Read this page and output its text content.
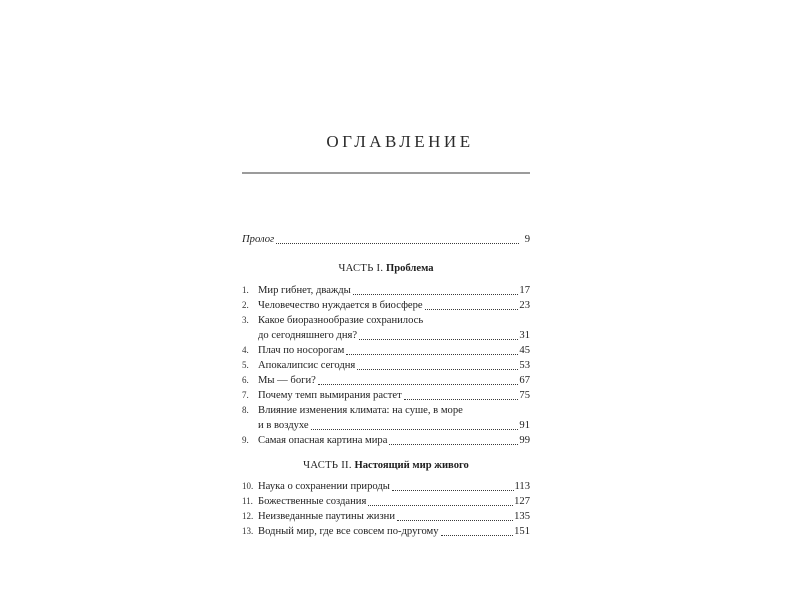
ОГЛАВЛЕНИЕ
Пролог	9
ЧАСТЬ I. Проблема
1. Мир гибнет, дважды	17
2. Человечество нуждается в биосфере	23
3. Какое биоразнообразие сохранилось
до сегодняшнего дня?	31
4. Плач по носорогам	45
5. Апокалипсис сегодня	53
6. Мы — боги?	67
7. Почему темп вымирания растет	75
8. Влияние изменения климата: на суше, в море
и в воздухе	91
9. Самая опасная картина мира	99
ЧАСТЬ II. Настоящий мир живого
10. Наука о сохранении природы	113
11. Божественные создания	127
12. Неизведанные паутины жизни	135
13. Водный мир, где все совсем по-другому	151
